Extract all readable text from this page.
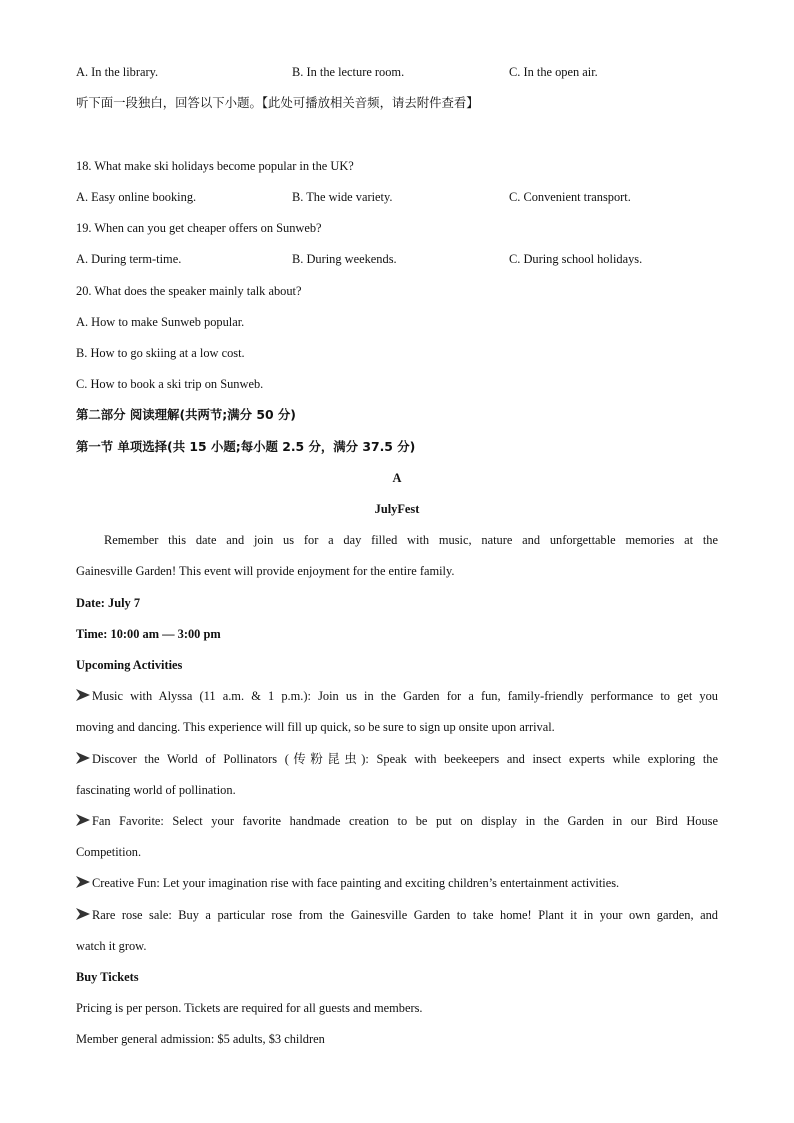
A. In the library.	B. In the lecture room.	C. In the open air.
听下面一段独白，回答以下小题。【此处可播放相关音频，请去附件查看】
18. What make ski holidays become popular in the UK?
A. Easy online booking.	B. The wide variety.	C. Convenient transport.
19. When can you get cheaper offers on Sunweb?
A. During term-time.	B. During weekends.	C. During school holidays.
20. What does the speaker mainly talk about?
A. How to make Sunweb popular.
B. How to go skiing at a low cost.
C. How to book a ski trip on Sunweb.
第二部分 阅读理解(共两节;满分 50 分)
第一节 单项选择(共 15 小题;每小题 2.5 分，满分 37.5 分)
A
JulyFest
Remember this date and join us for a day filled with music, nature and unforgettable memories at the
Gainesville Garden! This event will provide enjoyment for the entire family.
Date: July 7
Time: 10:00 am — 3:00 pm
Upcoming Activities
Music with Alyssa (11 a.m. & 1 p.m.): Join us in the Garden for a fun, family-friendly performance to get you
moving and dancing. This experience will fill up quick, so be sure to sign up onsite upon arrival.
Discover the World of Pollinators (传粉昆虫): Speak with beekeepers and insect experts while exploring the
fascinating world of pollination.
Fan Favorite: Select your favorite handmade creation to be put on display in the Garden in our Bird House
Competition.
Creative Fun: Let your imagination rise with face painting and exciting children’s entertainment activities.
Rare rose sale: Buy a particular rose from the Gainesville Garden to take home! Plant it in your own garden, and
watch it grow.
Buy Tickets
Pricing is per person. Tickets are required for all guests and members.
Member general admission: $5 adults, $3 children
